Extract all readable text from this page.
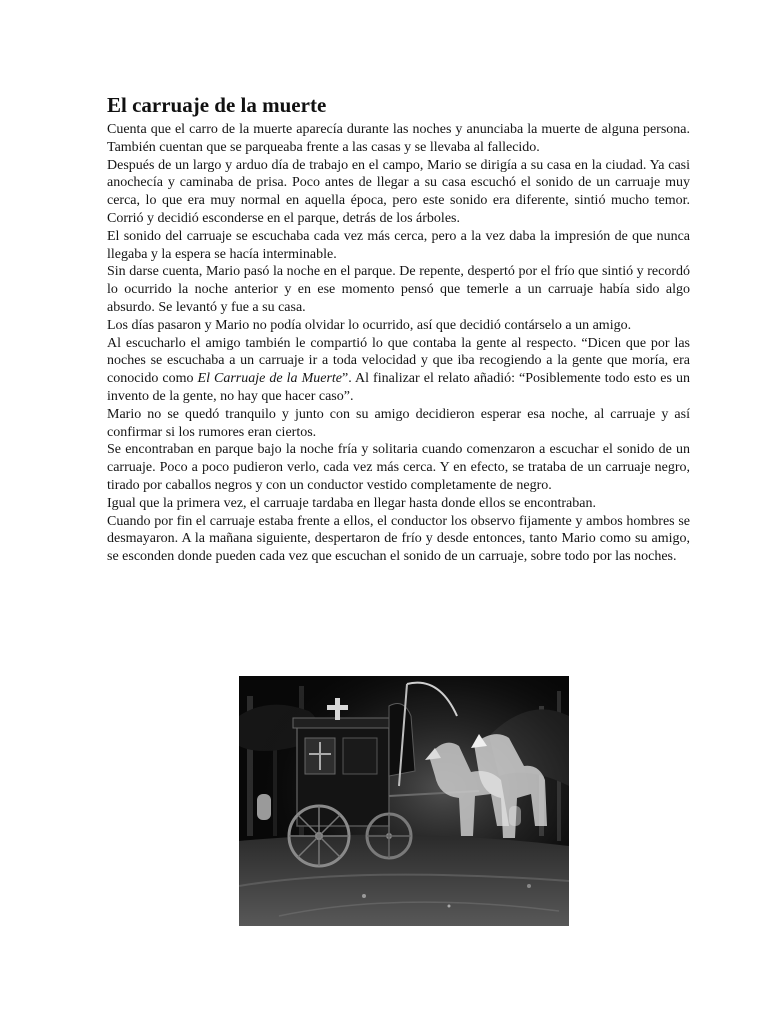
El carruaje de la muerte

Cuenta que el carro de la muerte aparecía durante las noches y anunciaba la muerte de alguna persona. También cuentan que se parqueaba frente a las casas y se llevaba al fallecido.

Después de un largo y arduo día de trabajo en el campo, Mario se dirigía a su casa en la ciudad. Ya casi anochecía y caminaba de prisa. Poco antes de llegar a su casa escuchó el sonido de un carruaje muy cerca, lo que era muy normal en aquella época, pero este sonido era diferente, sintió mucho temor. Corrió y decidió esconderse en el parque, detrás de los árboles.

El sonido del carruaje se escuchaba cada vez más cerca, pero a la vez daba la impresión de que nunca llegaba y la espera se hacía interminable.

Sin darse cuenta, Mario pasó la noche en el parque. De repente, despertó por el frío que sintió y recordó lo ocurrido la noche anterior y en ese momento pensó que temerle a un carruaje había sido algo absurdo. Se levantó y fue a su casa.

Los días pasaron y Mario no podía olvidar lo ocurrido, así que decidió contárselo a un amigo.

Al escucharlo el amigo también le compartió lo que contaba la gente al respecto. “Dicen que por las noches se escuchaba a un carruaje ir a toda velocidad y que iba recogiendo a la gente que moría, era conocido como El Carruaje de la Muerte”. Al finalizar el relato añadió: “Posiblemente todo esto es un invento de la gente, no hay que hacer caso”.

Mario no se quedó tranquilo y junto con su amigo decidieron esperar esa noche, al carruaje y así confirmar si los rumores eran ciertos.

Se encontraban en parque bajo la noche fría y solitaria cuando comenzaron a escuchar el sonido de un carruaje. Poco a poco pudieron verlo, cada vez más cerca. Y en efecto, se trataba de un carruaje negro, tirado por caballos negros y con un conductor vestido completamente de negro.

Igual que la primera vez, el carruaje tardaba en llegar hasta donde ellos se encontraban.

Cuando por fin el carruaje estaba frente a ellos, el conductor los observo fijamente y ambos hombres se desmayaron. A la mañana siguiente, despertaron de frío y desde entonces, tanto Mario como su amigo, se esconden donde pueden cada vez que escuchan el sonido de un carruaje, sobre todo por las noches.
